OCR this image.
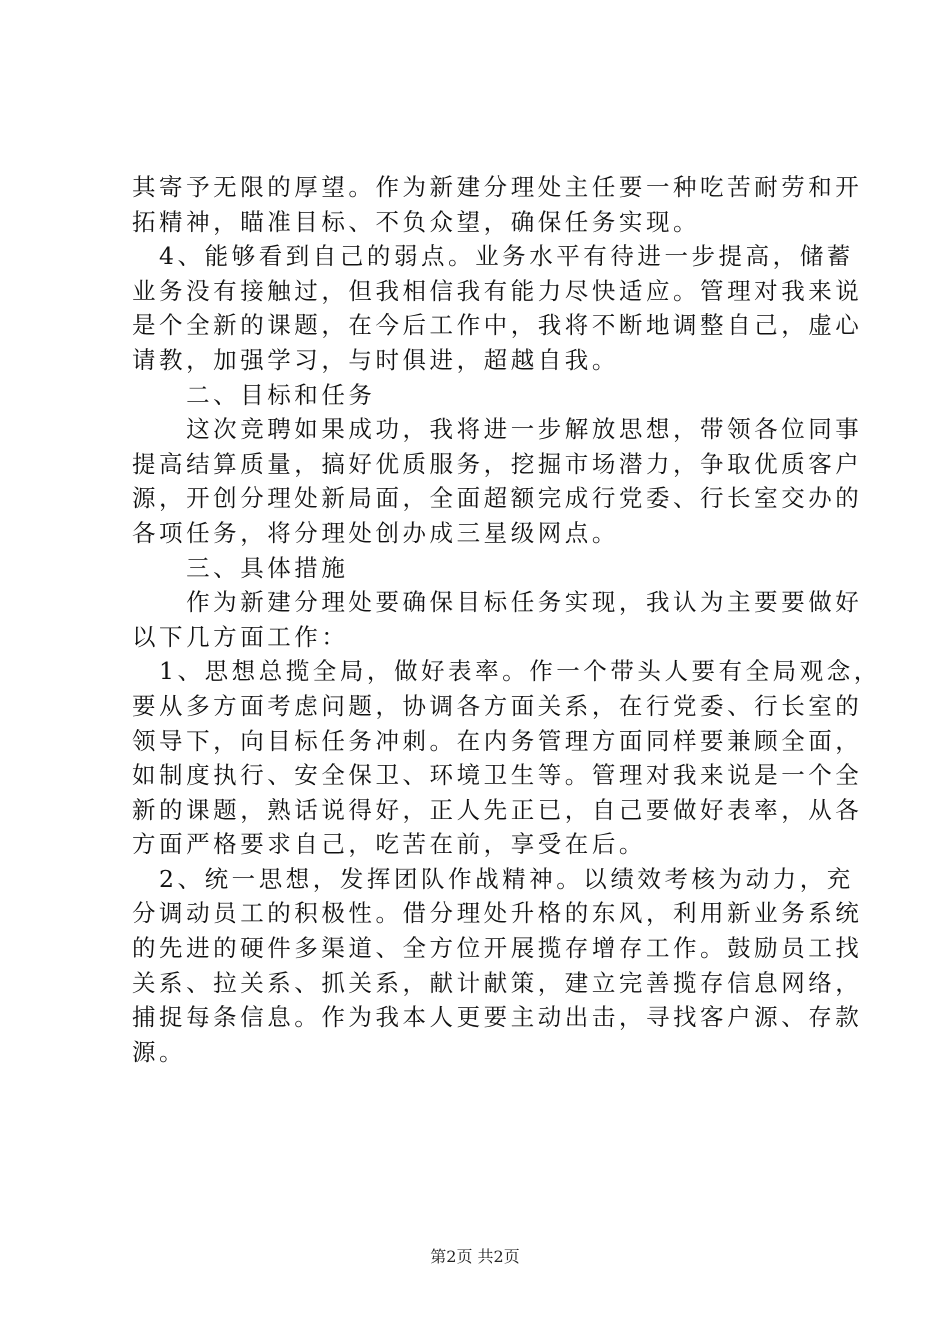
其寄予无限的厚望。作为新建分理处主任要一种吃苦耐劳和开
拓精神，瞄准目标、不负众望，确保任务实现。
　4、能够看到自己的弱点。业务水平有待进一步提高，储蓄
业务没有接触过，但我相信我有能力尽快适应。管理对我来说
是个全新的课题，在今后工作中，我将不断地调整自己，虚心
请教，加强学习，与时俱进，超越自我。
　　二、目标和任务
　　这次竞聘如果成功，我将进一步解放思想，带领各位同事
提高结算质量，搞好优质服务，挖掘市场潜力，争取优质客户
源，开创分理处新局面，全面超额完成行党委、行长室交办的
各项任务，将分理处创办成三星级网点。
　　三、具体措施
　　作为新建分理处要确保目标任务实现，我认为主要要做好
以下几方面工作：
　1、思想总揽全局，做好表率。作一个带头人要有全局观念，
要从多方面考虑问题，协调各方面关系，在行党委、行长室的
领导下，向目标任务冲刺。在内务管理方面同样要兼顾全面，
如制度执行、安全保卫、环境卫生等。管理对我来说是一个全
新的课题，熟话说得好，正人先正已，自己要做好表率，从各
方面严格要求自己，吃苦在前，享受在后。
　2、统一思想，发挥团队作战精神。以绩效考核为动力，充
分调动员工的积极性。借分理处升格的东风，利用新业务系统
的先进的硬件多渠道、全方位开展揽存增存工作。鼓励员工找
关系、拉关系、抓关系，献计献策，建立完善揽存信息网络，
捕捉每条信息。作为我本人更要主动出击，寻找客户源、存款
源。
第2页 共2页
